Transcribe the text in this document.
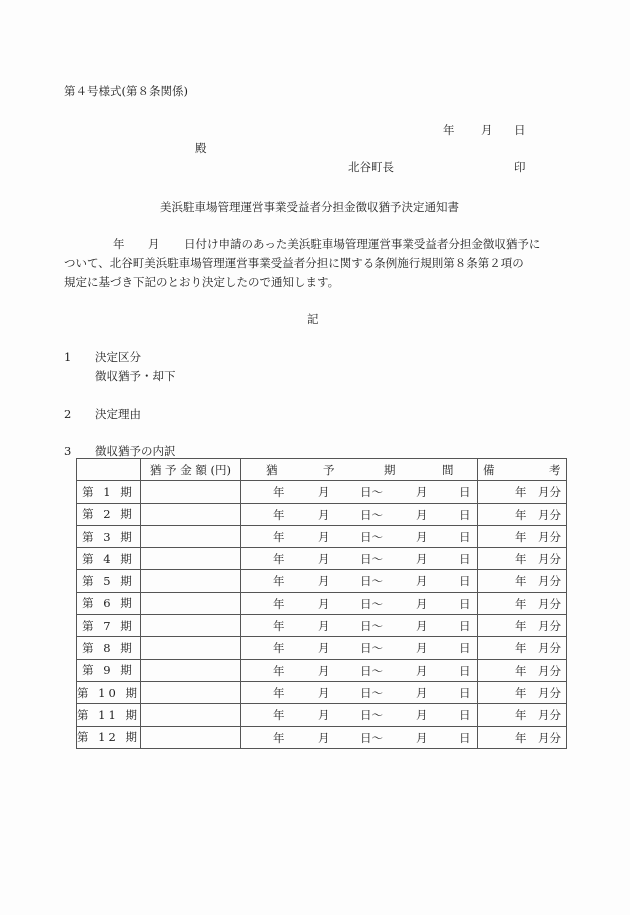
第４号様式(第８条関係)
年 月 日
殿
北谷町長	印
美浜駐車場管理運営事業受益者分担金徴収猶予決定通知書
年 月 日付け申請のあった美浜駐車場管理運営事業受益者分担金徴収猶予に
ついて、北谷町美浜駐車場管理運営事業受益者分担に関する条例施行規則第８条第２項の
規定に基づき下記のとおり決定したので通知します。
記
1 決定区分
徴収猶予・却下
2 決定理由
3 徴収猶予の内訳
	猶 予 金 額 (円)	猶 予 期 間	備 考

第 1 期		年 月 日～ 月 日	年 月分

第 2 期		年 月 日～ 月 日	年 月分

第 3 期		年 月 日～ 月 日	年 月分

第 4 期		年 月 日～ 月 日	年 月分

第 5 期		年 月 日～ 月 日	年 月分

第 6 期		年 月 日～ 月 日	年 月分

第 7 期		年 月 日～ 月 日	年 月分

第 8 期		年 月 日～ 月 日	年 月分

第 9 期		年 月 日～ 月 日	年 月分

第 10 期		年 月 日～ 月 日	年 月分

第 11 期		年 月 日～ 月 日	年 月分

第 12 期		年 月 日～ 月 日	年 月分
